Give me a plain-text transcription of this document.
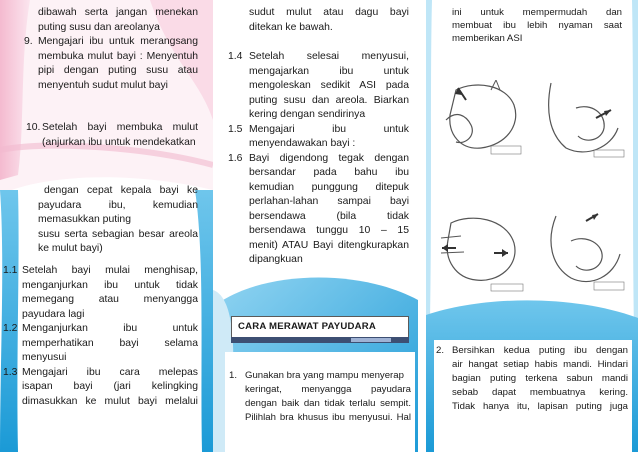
dibawah serta jangan menekan

puting susu dan areolanya

9. Mengajari ibu untuk merangsang

membuka mulut bayi : Menyentuh

pipi dengan puting susu atau

menyentuh sudut mulut bayi

10. Setelah bayi membuka mulut

(anjurkan ibu untuk mendekatkan

dengan cepat kepala bayi ke

payudara ibu, kemudian

memasukkan puting

susu serta sebagian besar areola

ke mulut bayi)

1.1 Setelah bayi mulai menghisap,

menganjurkan ibu untuk tidak

memegang atau menyangga

payudara lagi

1.2 Menganjurkan ibu untuk

memperhatikan bayi selama

menyusui

1.3 Mengajari ibu cara melepas

isapan bayi (jari kelingking

dimasukkan ke mulut bayi melalui

sudut mulut atau dagu bayi

ditekan ke bawah.

1.4 Setelah selesai menyusui,

mengajarkan ibu untuk

mengoleskan sedikit ASI pada

puting susu dan areola. Biarkan

kering dengan sendirinya

1.5 Mengajari ibu untuk

menyendawakan bayi :

1.6 Bayi digendong tegak dengan

bersandar pada bahu ibu

kemudian punggung ditepuk

perlahan-lahan sampai bayi

bersendawa (bila tidak

bersendawa tunggu 10 – 15

menit) ATAU Bayi ditengkurapkan

dipangkuan

CARA MERAWAT PAYUDARA
1. Gunakan bra yang mampu menyerap

keringat, menyangga payudara

dengan baik dan tidak terlalu sempit.

Pilihlah bra khusus ibu menyusui. Hal

ini untuk mempermudah dan

membuat ibu lebih nyaman saat

memberikan ASI

2. Bersihkan kedua puting ibu dengan

air hangat setiap habis mandi. Hindari

bagian puting terkena sabun mandi

sebab dapat membuatnya kering.

Tidak hanya itu, lapisan puting juga
